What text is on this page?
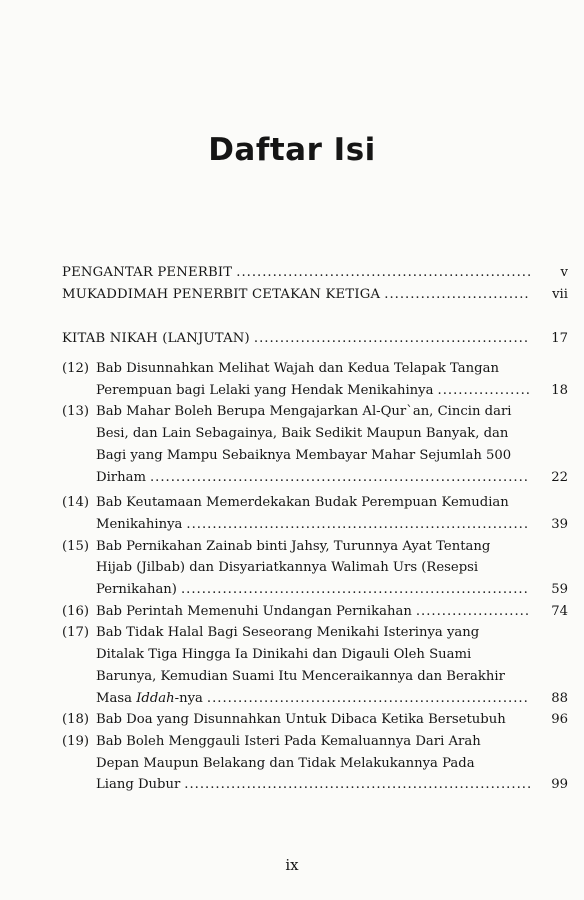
Daftar Isi
PENGANTAR PENERBIT .....	v
MUKADDIMAH PENERBIT CETAKAN KETIGA .....	vii
KITAB NIKAH (LANJUTAN) .....	17
(12) Bab Disunnahkan Melihat Wajah dan Kedua Telapak Tangan
Perempuan bagi Lelaki yang Hendak Menikahinya .....	18
(13) Bab Mahar Boleh Berupa Mengajarkan Al-Qur`an, Cincin dari
Besi, dan Lain Sebagainya, Baik Sedikit Maupun Banyak, dan
Bagi yang Mampu Sebaiknya Membayar Mahar Sejumlah 500
Dirham .....	22
(14) Bab Keutamaan Memerdekakan Budak Perempuan Kemudian
Menikahinya .....	39
(15) Bab Pernikahan Zainab binti Jahsy, Turunnya Ayat Tentang
Hijab (Jilbab) dan Disyariatkannya Walimah Urs (Resepsi
Pernikahan) .....	59
(16) Bab Perintah Memenuhi Undangan Pernikahan .....	74
(17) Bab Tidak Halal Bagi Seseorang Menikahi Isterinya yang
Ditalak Tiga Hingga Ia Dinikahi dan Digauli Oleh Suami
Barunya, Kemudian Suami Itu Menceraikannya dan Berakhir
Masa Iddah-nya .....	88
(18) Bab Doa yang Disunnahkan Untuk Dibaca Ketika Bersetubuh	96
(19) Bab Boleh Menggauli Isteri Pada Kemaluannya Dari Arah
Depan Maupun Belakang dan Tidak Melakukannya Pada
Liang Dubur .....	99
ix
